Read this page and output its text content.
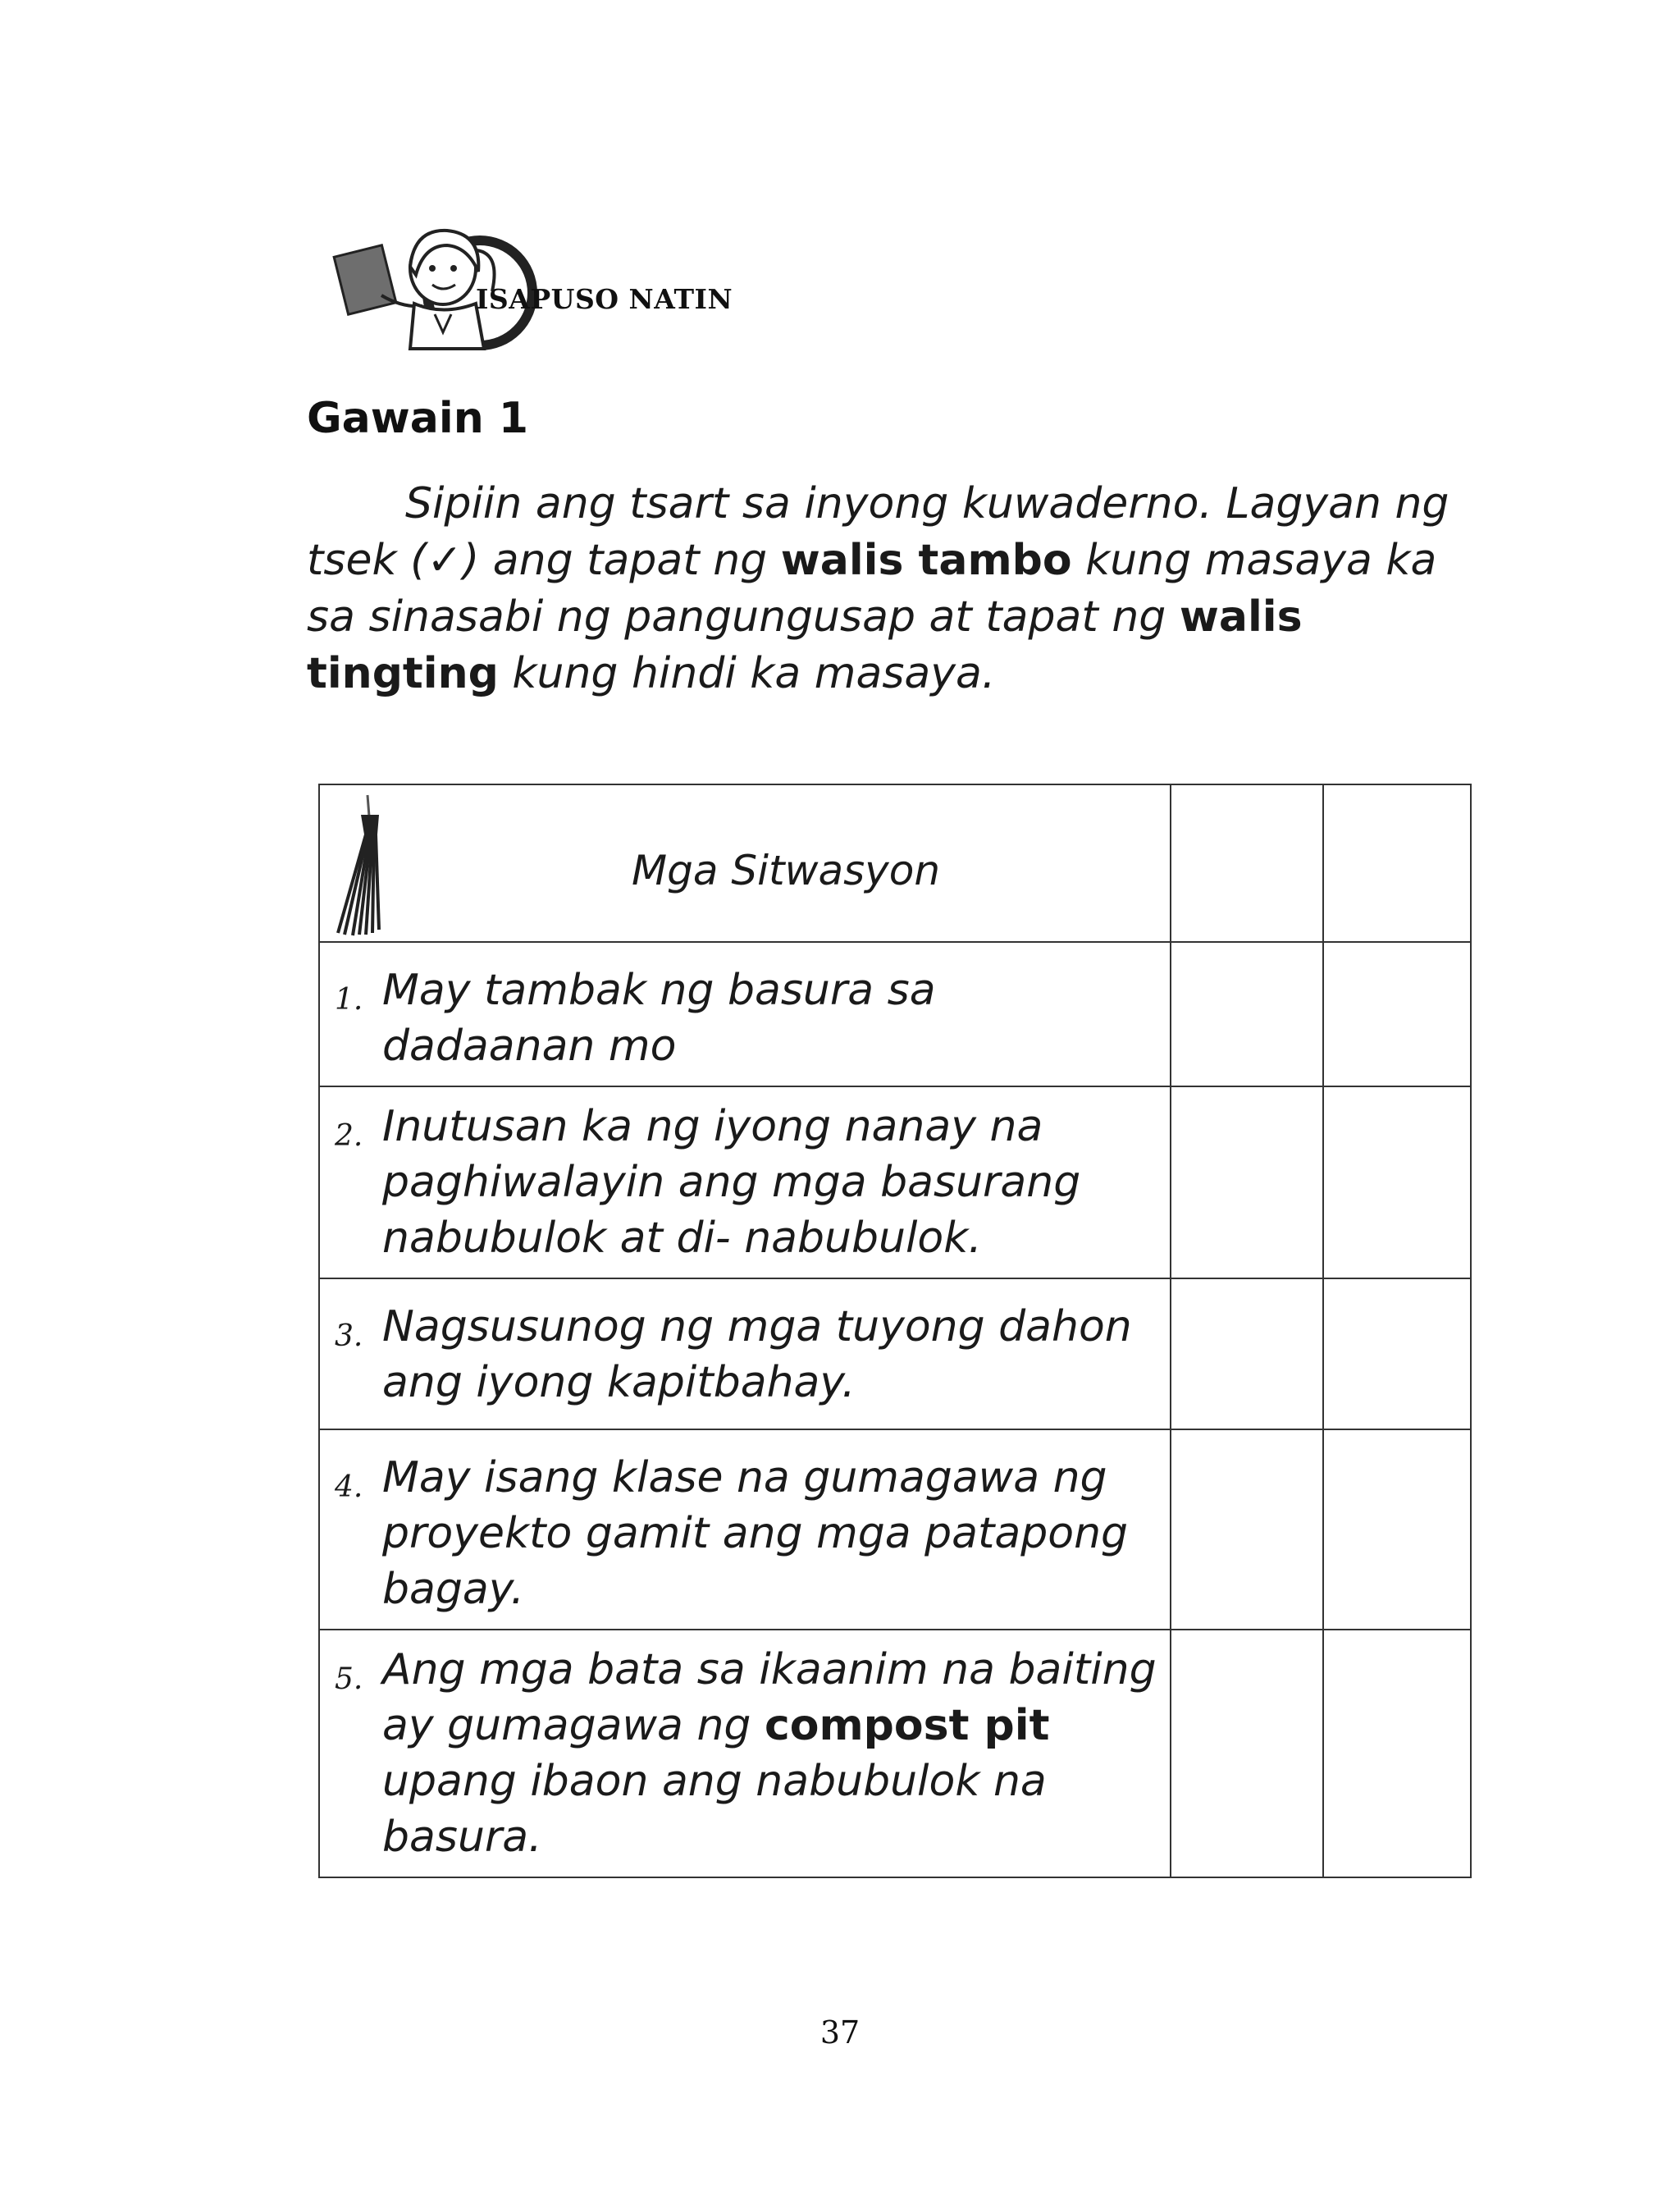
ISAPUSO NATIN
Gawain 1
Sipiin ang tsart sa inyong kuwaderno. Lagyan ng tsek (✓) ang tapat ng walis tambo kung masaya ka sa sinasabi ng pangungusap at tapat ng walis tingting kung hindi ka masaya.
Mga Sitwasyon		

1. May tambak ng basura sa dadaanan mo		

2. Inutusan ka ng iyong nanay na paghiwalayin ang mga basurang nabubulok at di- nabubulok.		

3. Nagsusunog ng mga tuyong dahon ang iyong kapitbahay.		

4. May isang klase na gumagawa ng proyekto gamit ang mga patapong bagay.		

5. Ang mga bata sa ikaanim na baiting ay gumagawa ng compost pit upang ibaon ang nabubulok na basura.		

37
